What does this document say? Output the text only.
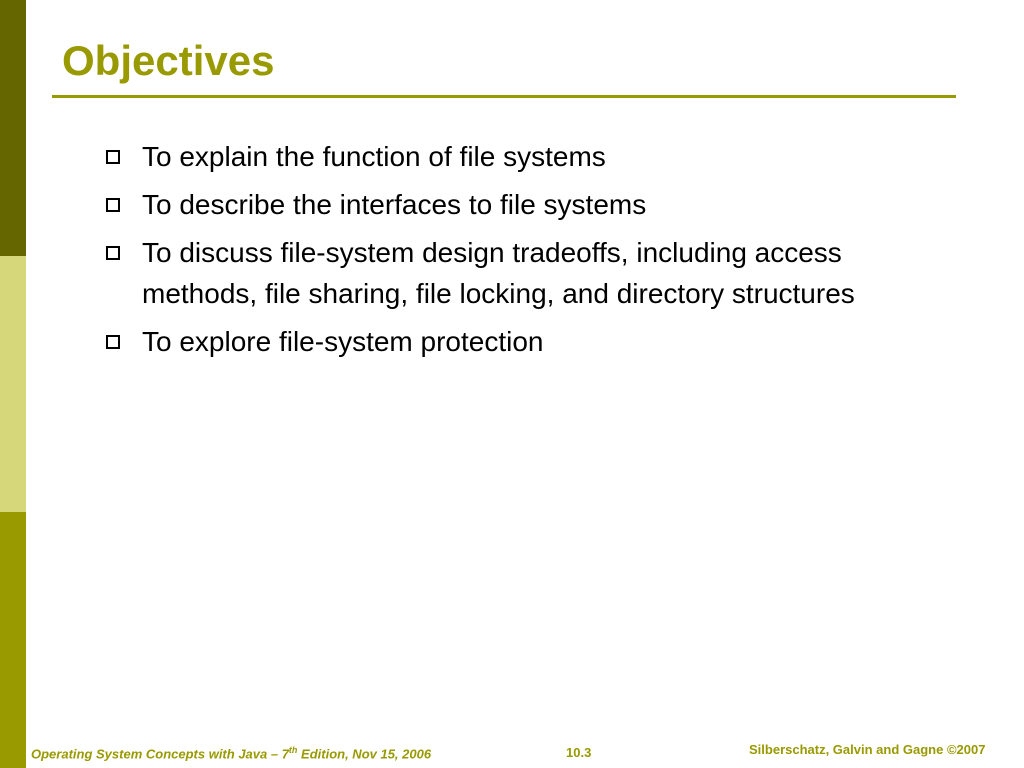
Objectives
To explain the function of file systems
To describe the interfaces to file systems
To discuss file-system design tradeoffs, including access methods, file sharing, file locking, and directory structures
To explore file-system protection
Operating System Concepts with Java – 7th Edition, Nov 15, 2006	10.3	Silberschatz, Galvin and Gagne ©2007
